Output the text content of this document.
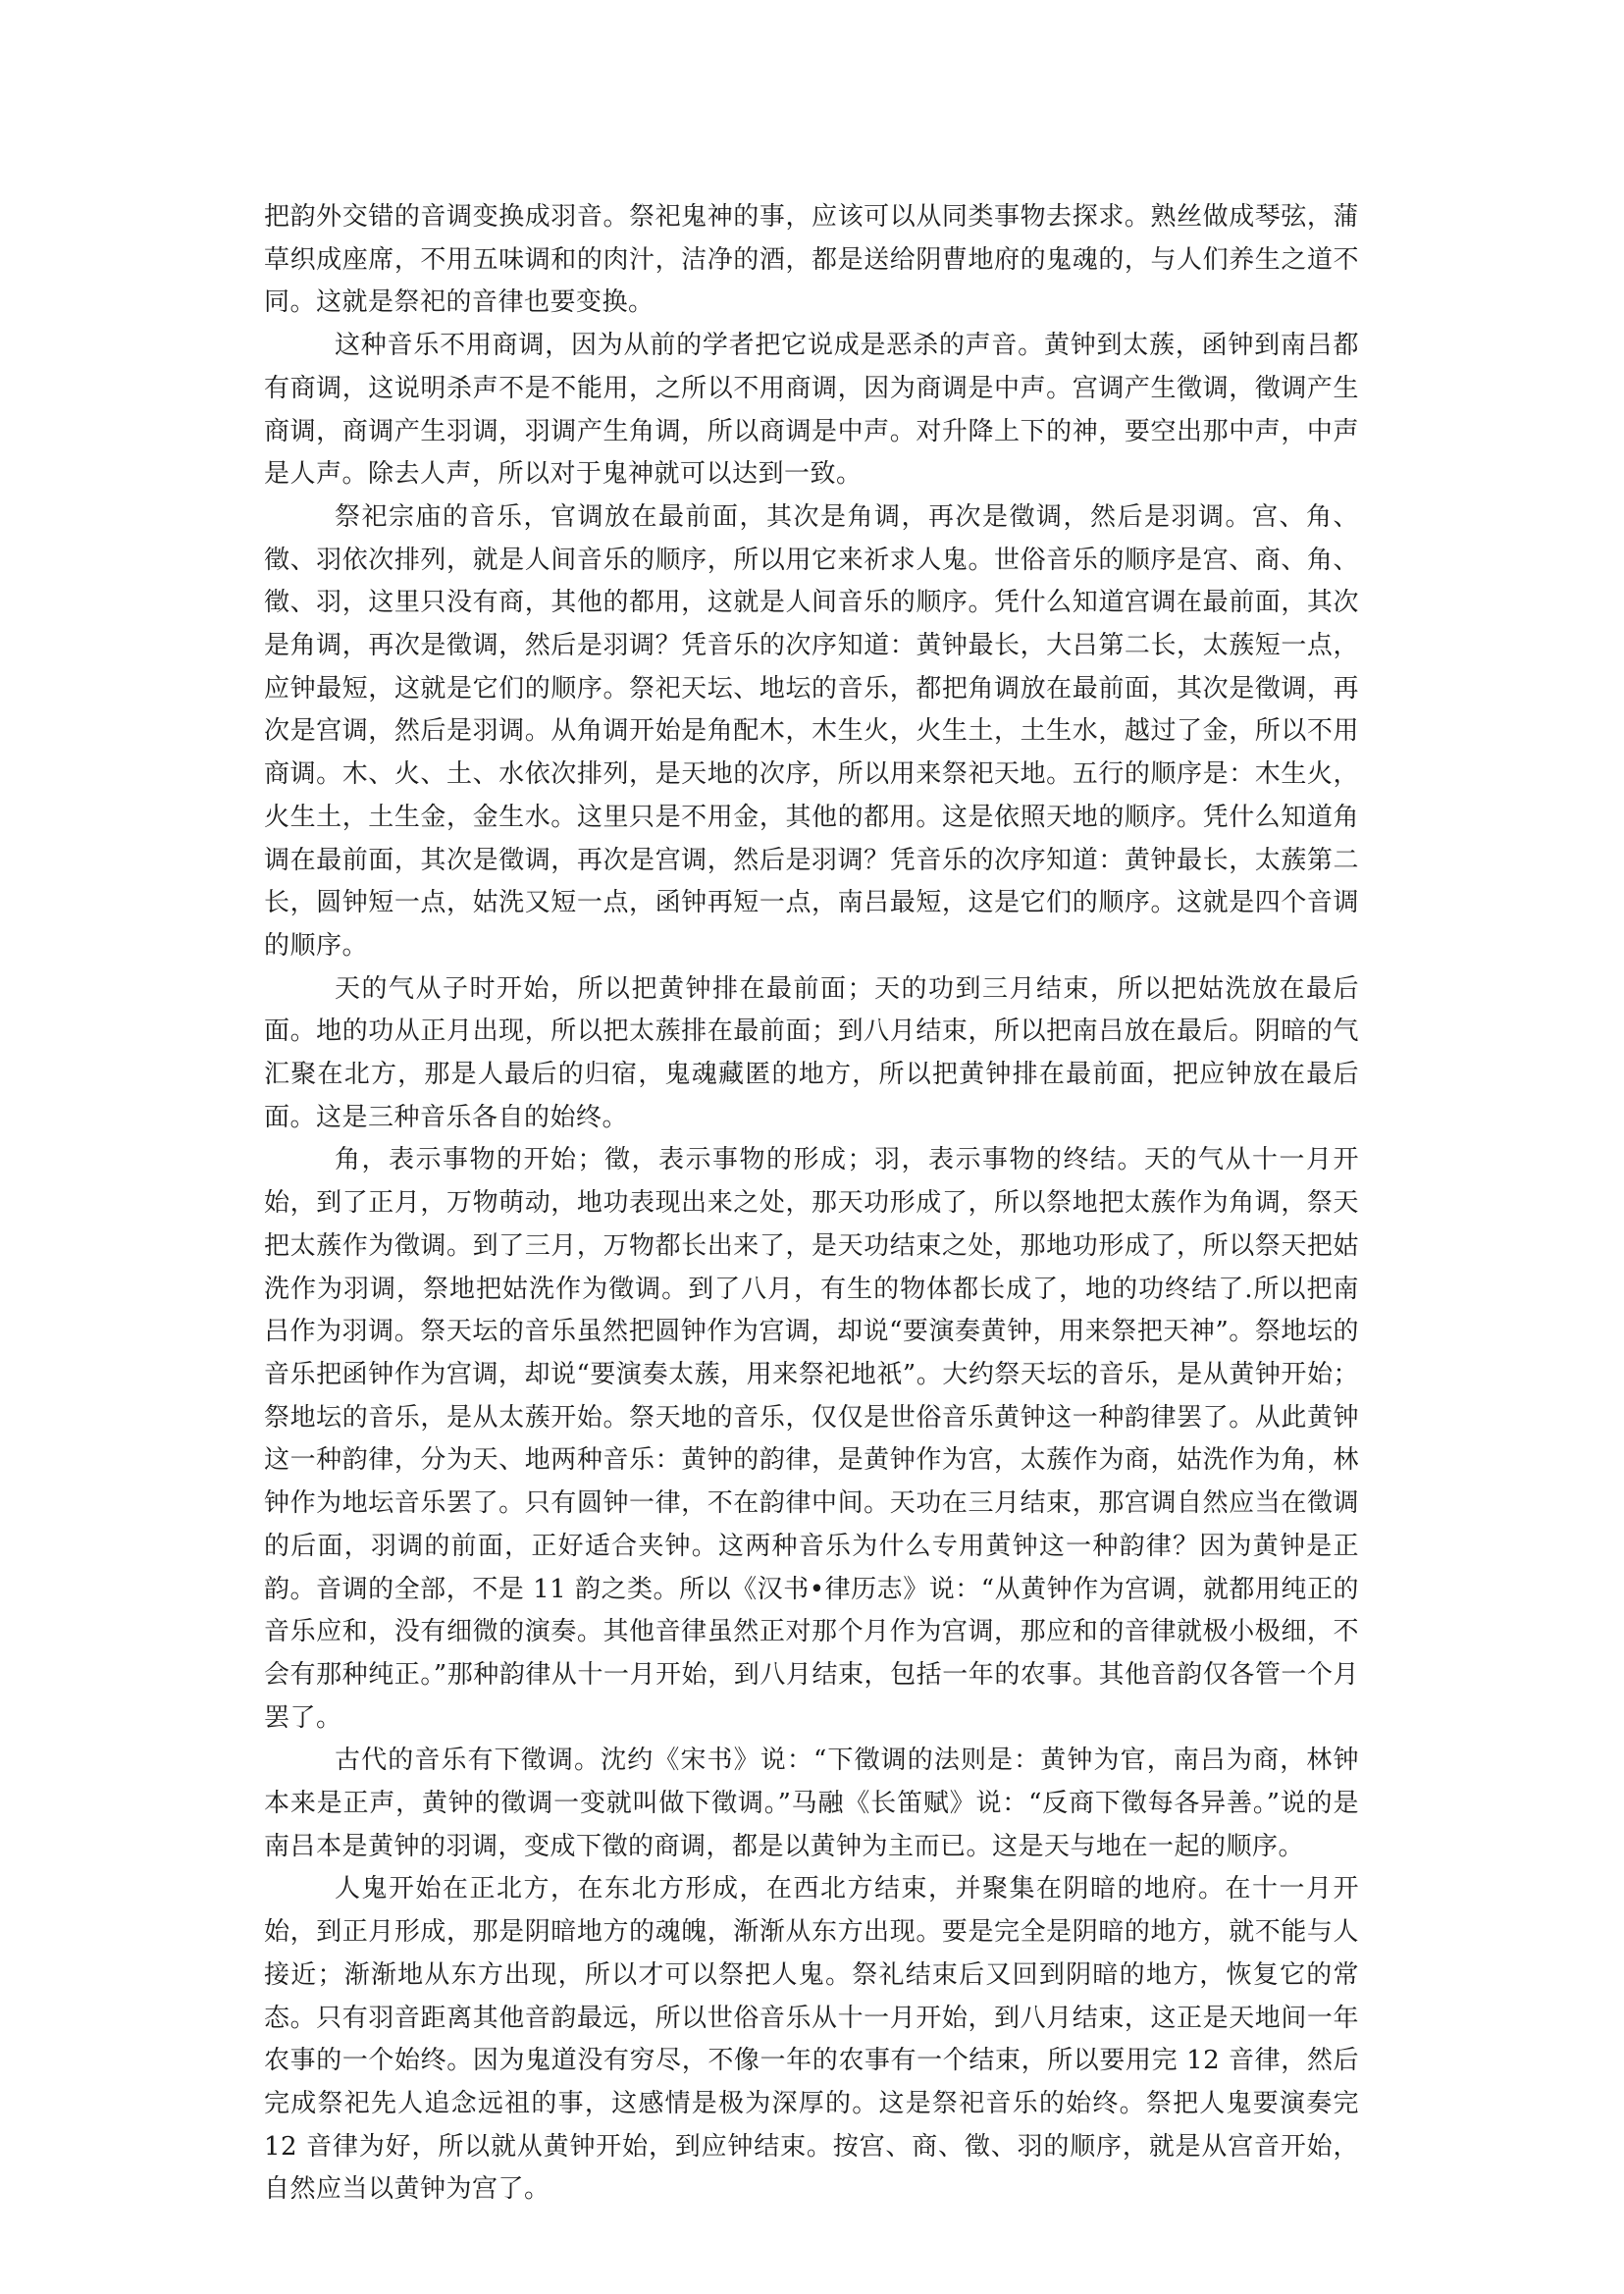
把韵外交错的音调变换成羽音。祭祀鬼神的事，应该可以从同类事物去探求。熟丝做成琴弦，蒲草织成座席，不用五味调和的肉汁，洁净的酒，都是送给阴曹地府的鬼魂的，与人们养生之道不同。这就是祭祀的音律也要变换。

这种音乐不用商调，因为从前的学者把它说成是恶杀的声音。黄钟到太蔟，函钟到南吕都有商调，这说明杀声不是不能用，之所以不用商调，因为商调是中声。宫调产生徵调，徵调产生商调，商调产生羽调，羽调产生角调，所以商调是中声。对升降上下的神，要空出那中声，中声是人声。除去人声，所以对于鬼神就可以达到一致。

祭祀宗庙的音乐，官调放在最前面，其次是角调，再次是徵调，然后是羽调。宫、角、徵、羽依次排列，就是人间音乐的顺序，所以用它来祈求人鬼。世俗音乐的顺序是宫、商、角、徵、羽，这里只没有商，其他的都用，这就是人间音乐的顺序。凭什么知道宫调在最前面，其次是角调，再次是徵调，然后是羽调？凭音乐的次序知道：黄钟最长，大吕第二长，太蔟短一点，应钟最短，这就是它们的顺序。祭祀天坛、地坛的音乐，都把角调放在最前面，其次是徵调，再次是宫调，然后是羽调。从角调开始是角配木，木生火，火生土，土生水，越过了金，所以不用商调。木、火、土、水依次排列，是天地的次序，所以用来祭祀天地。五行的顺序是：木生火，火生土，土生金，金生水。这里只是不用金，其他的都用。这是依照天地的顺序。凭什么知道角调在最前面，其次是徵调，再次是宫调，然后是羽调？凭音乐的次序知道：黄钟最长，太蔟第二长，圆钟短一点，姑洗又短一点，函钟再短一点，南吕最短，这是它们的顺序。这就是四个音调的顺序。

天的气从子时开始，所以把黄钟排在最前面；天的功到三月结束，所以把姑洗放在最后面。地的功从正月出现，所以把太蔟排在最前面；到八月结束，所以把南吕放在最后。阴暗的气汇聚在北方，那是人最后的归宿，鬼魂藏匿的地方，所以把黄钟排在最前面，把应钟放在最后面。这是三种音乐各自的始终。

角，表示事物的开始；徵，表示事物的形成；羽，表示事物的终结。天的气从十一月开始，到了正月，万物萌动，地功表现出来之处，那天功形成了，所以祭地把太蔟作为角调，祭天把太蔟作为徵调。到了三月，万物都长出来了，是天功结束之处，那地功形成了，所以祭天把姑洗作为羽调，祭地把姑洗作为徵调。到了八月，有生的物体都长成了，地的功终结了.所以把南吕作为羽调。祭天坛的音乐虽然把圆钟作为宫调，却说“要演奏黄钟，用来祭把天神”。祭地坛的音乐把函钟作为宫调，却说“要演奏太蔟，用来祭祀地祇”。大约祭天坛的音乐，是从黄钟开始；祭地坛的音乐，是从太蔟开始。祭天地的音乐，仅仅是世俗音乐黄钟这一种韵律罢了。从此黄钟这一种韵律，分为天、地两种音乐：黄钟的韵律，是黄钟作为宫，太蔟作为商，姑洗作为角，林钟作为地坛音乐罢了。只有圆钟一律，不在韵律中间。天功在三月结束，那宫调自然应当在徵调的后面，羽调的前面，正好适合夹钟。这两种音乐为什么专用黄钟这一种韵律？因为黄钟是正韵。音调的全部，不是 11 韵之类。所以《汉书•律历志》说：“从黄钟作为宫调，就都用纯正的音乐应和，没有细微的演奏。其他音律虽然正对那个月作为宫调，那应和的音律就极小极细，不会有那种纯正。”那种韵律从十一月开始，到八月结束，包括一年的农事。其他音韵仅各管一个月罢了。

古代的音乐有下徵调。沈约《宋书》说：“下徵调的法则是：黄钟为官，南吕为商，林钟本来是正声，黄钟的徵调一变就叫做下徵调。”马融《长笛赋》说：“反商下徵每各异善。”说的是南吕本是黄钟的羽调，变成下徵的商调，都是以黄钟为主而已。这是天与地在一起的顺序。

人鬼开始在正北方，在东北方形成，在西北方结束，并聚集在阴暗的地府。在十一月开始，到正月形成，那是阴暗地方的魂魄，渐渐从东方出现。要是完全是阴暗的地方，就不能与人接近；渐渐地从东方出现，所以才可以祭把人鬼。祭礼结束后又回到阴暗的地方，恢复它的常态。只有羽音距离其他音韵最远，所以世俗音乐从十一月开始，到八月结束，这正是天地间一年农事的一个始终。因为鬼道没有穷尽，不像一年的农事有一个结束，所以要用完 12 音律，然后完成祭祀先人追念远祖的事，这感情是极为深厚的。这是祭祀音乐的始终。祭把人鬼要演奏完 12 音律为好，所以就从黄钟开始，到应钟结束。按宫、商、徵、羽的顺序，就是从宫音开始，自然应当以黄钟为宫了。
